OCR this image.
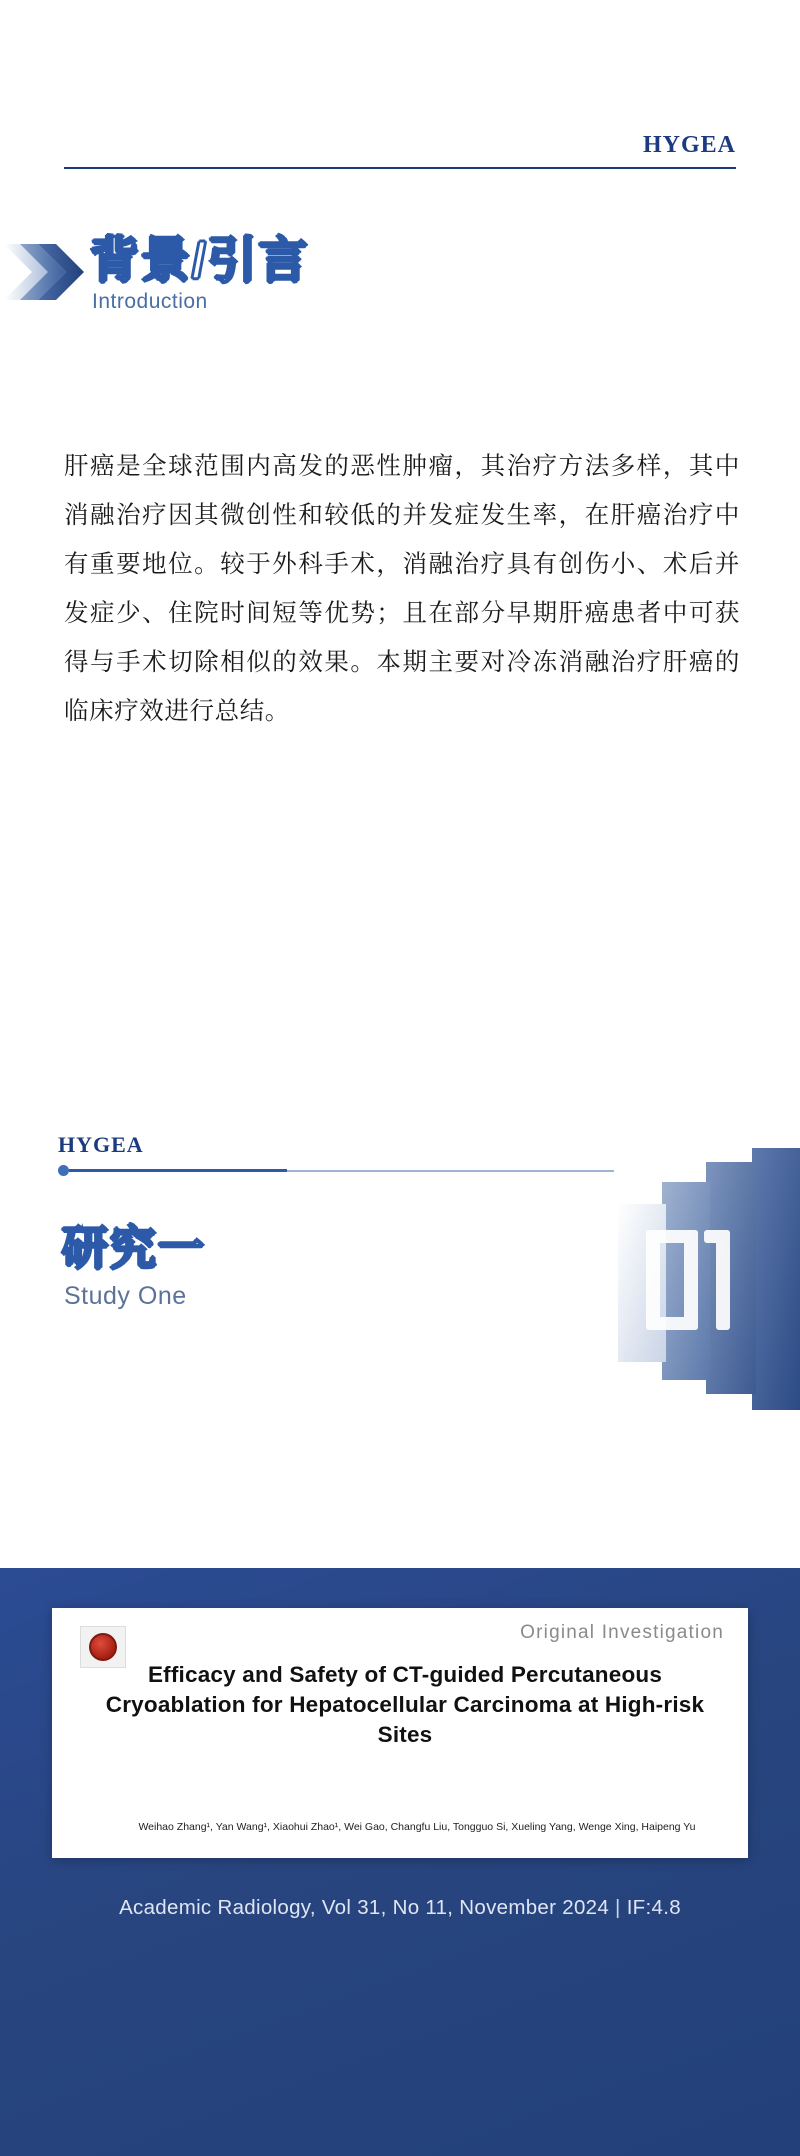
HYGEA
背景/引言
Introduction
肝癌是全球范围内高发的恶性肿瘤，其治疗方法多样，其中消融治疗因其微创性和较低的并发症发生率，在肝癌治疗中有重要地位。较于外科手术，消融治疗具有创伤小、术后并发症少、住院时间短等优势；且在部分早期肝癌患者中可获得与手术切除相似的效果。本期主要对冷冻消融治疗肝癌的临床疗效进行总结。
HYGEA
研究一
Study One
Original Investigation
Efficacy and Safety of CT-guided Percutaneous Cryoablation for Hepatocellular Carcinoma at High-risk Sites
Weihao Zhang¹, Yan Wang¹, Xiaohui Zhao¹, Wei Gao, Changfu Liu, Tongguo Si, Xueling Yang, Wenge Xing, Haipeng Yu
Academic Radiology, Vol 31, No 11, November 2024 | IF:4.8
